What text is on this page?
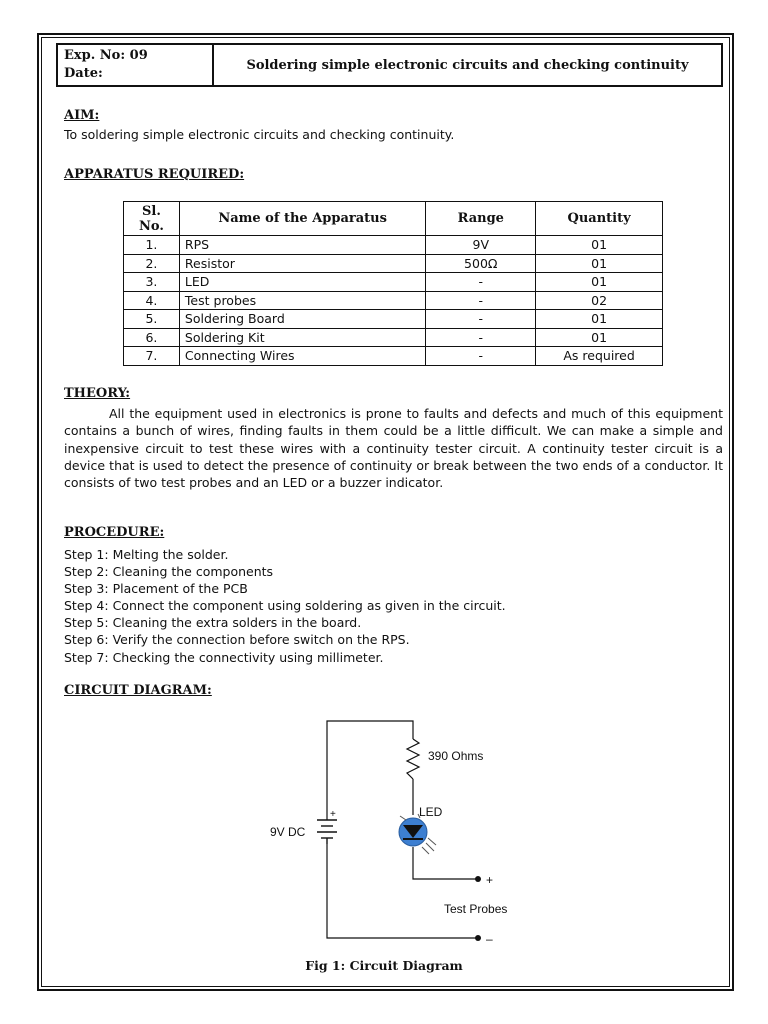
Exp. No: 09
Date:
Soldering simple electronic circuits and checking continuity
AIM:
To soldering simple electronic circuits and checking continuity.
APPARATUS REQUIRED:
Sl. No.	Name of the Apparatus	Range	Quantity
1.	RPS	9V	01
2.	Resistor	500Ω	01
3.	LED	-	01
4.	Test probes	-	02
5.	Soldering Board	-	01
6.	Soldering Kit	-	01
7.	Connecting Wires	-	As required
THEORY:

All the equipment used in electronics is prone to faults and defects and much of this equipment contains a bunch of wires, finding faults in them could be a little difficult. We can make a simple and inexpensive circuit to test these wires with a continuity tester circuit. A continuity tester circuit is a device that is used to detect the presence of continuity or break between the two ends of a conductor. It consists of two test probes and an LED or a buzzer indicator.

PROCEDURE:
Step 1: Melting the solder.
Step 2: Cleaning the components
Step 3: Placement of the PCB
Step 4: Connect the component using soldering as given in the circuit.
Step 5: Cleaning the extra solders in the board.
Step 6: Verify the connection before switch on the RPS.
Step 7: Checking the connectivity using millimeter.
CIRCUIT DIAGRAM:
390 Ohms
+
9V DC
LED
+
–
Test Probes
Fig 1: Circuit Diagram
